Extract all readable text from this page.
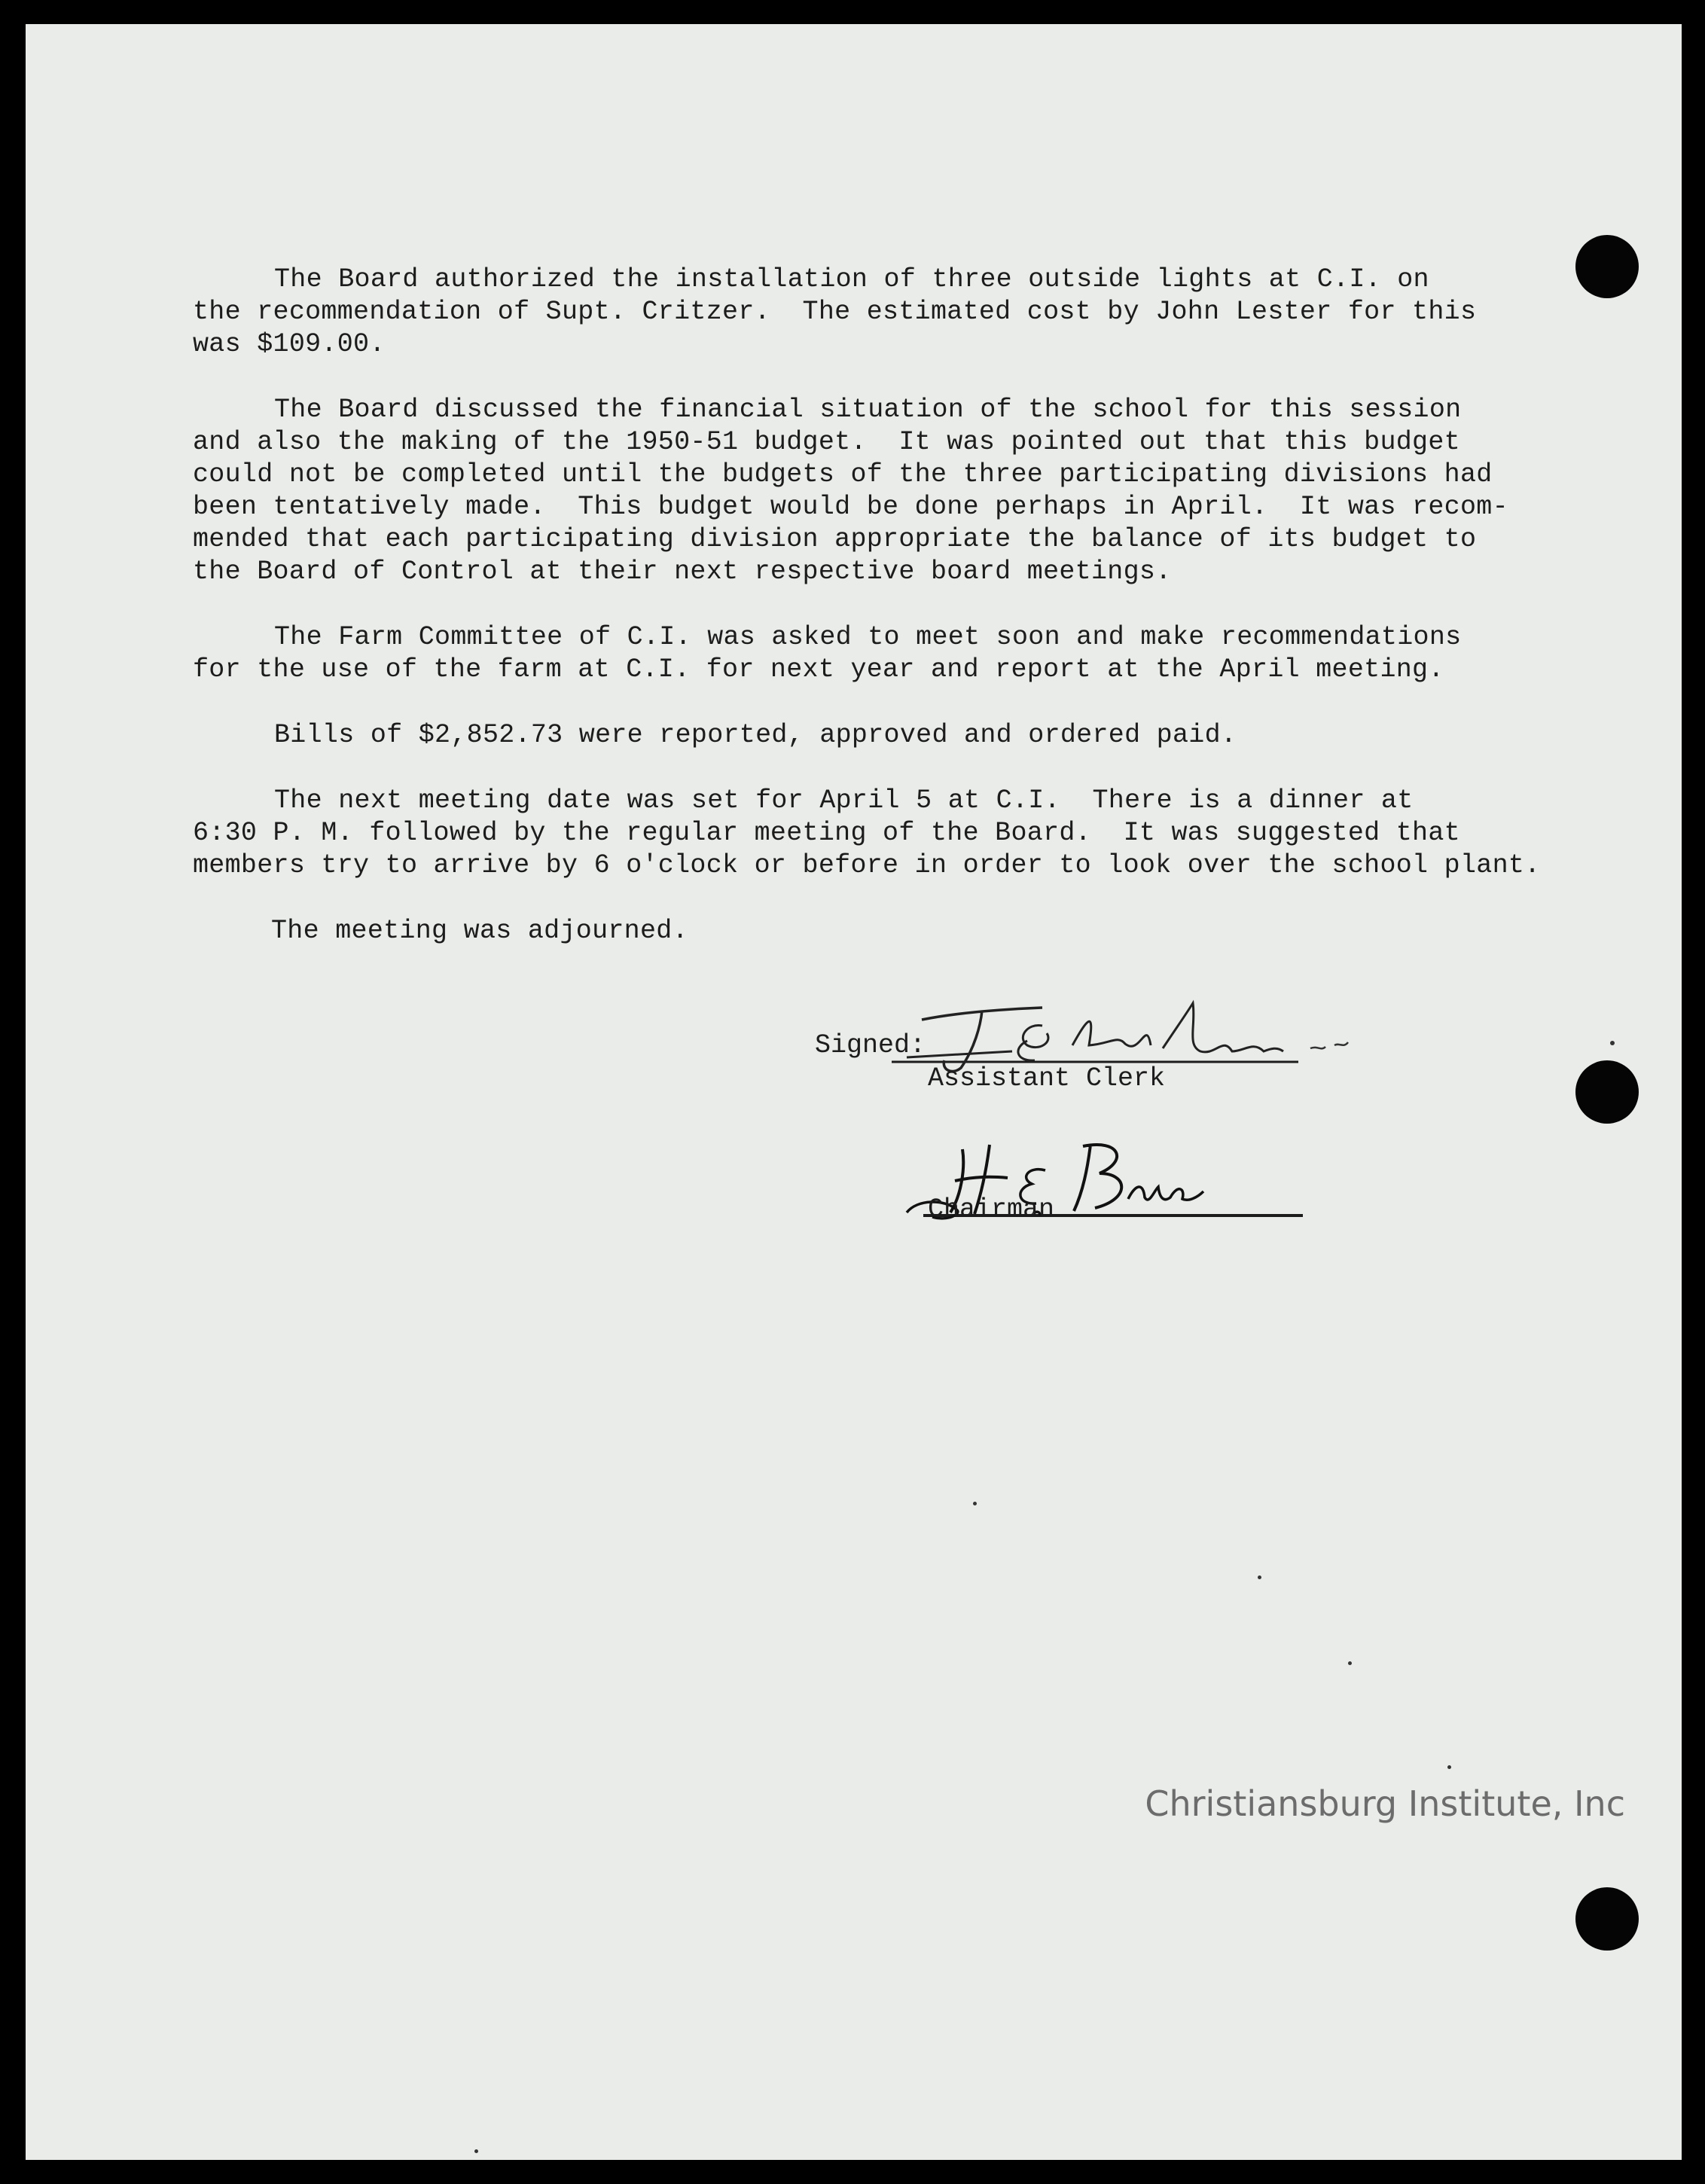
The Board authorized the installation of three outside lights at C.I. on
the recommendation of Supt. Critzer.  The estimated cost by John Lester for this
was $109.00.

The Board discussed the financial situation of the school for this session
and also the making of the 1950-51 budget.  It was pointed out that this budget
could not be completed until the budgets of the three participating divisions had
been tentatively made.  This budget would be done perhaps in April.  It was recom-
mended that each participating division appropriate the balance of its budget to
the Board of Control at their next respective board meetings.

The Farm Committee of C.I. was asked to meet soon and make recommendations
for the use of the farm at C.I. for next year and report at the April meeting.

Bills of $2,852.73 were reported, approved and ordered paid.

The next meeting date was set for April 5 at C.I.  There is a dinner at
6:30 P. M. followed by the regular meeting of the Board.  It was suggested that
members try to arrive by 6 o'clock or before in order to look over the school plant.

The meeting was adjourned.

Signed:
Assistant Clerk
Chairman
Christiansburg Institute, Inc
